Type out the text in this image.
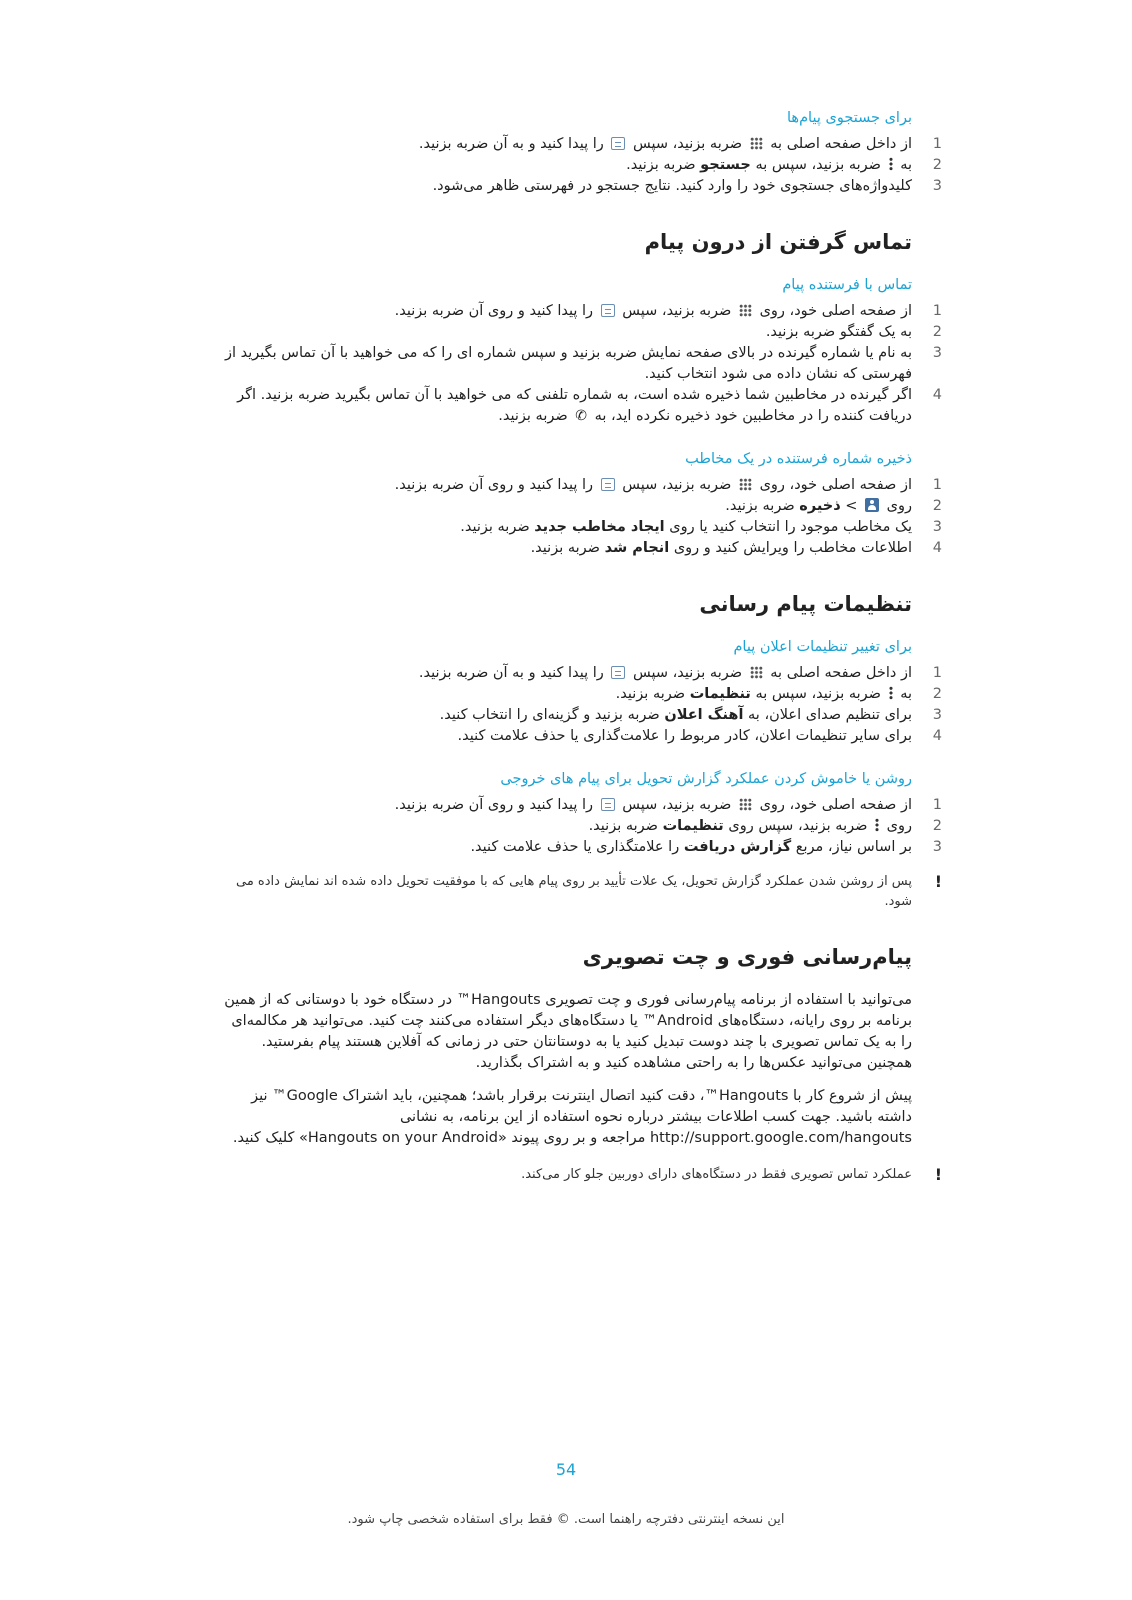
برای جستجوی پیام‌ها
1
از داخل صفحه اصلی به  ضربه بزنید، سپس  را پیدا کنید و به آن ضربه بزنید.
2
به  ضربه بزنید، سپس به جستجو ضربه بزنید.
3
کلیدواژه‌های جستجوی خود را وارد کنید. نتایج جستجو در فهرستی ظاهر می‌شود.
تماس گرفتن از درون پیام
تماس با فرستنده پیام
1
از صفحه اصلی خود، روی  ضربه بزنید، سپس  را پیدا کنید و روی آن ضربه بزنید.
2
به یک گفتگو ضربه بزنید.
3
به نام یا شماره گیرنده در بالای صفحه نمایش ضربه بزنید و سپس شماره ای را که می خواهید با آن تماس بگیرید از فهرستی که نشان داده می شود انتخاب کنید.
4
اگر گیرنده در مخاطبین شما ذخیره شده است، به شماره تلفنی که می خواهید با آن تماس بگیرید ضربه بزنید. اگر دریافت کننده را در مخاطبین خود ذخیره نکرده اید، به ✆ ضربه بزنید.
ذخیره شماره فرستنده در یک مخاطب
1
از صفحه اصلی خود، روی  ضربه بزنید، سپس  را پیدا کنید و روی آن ضربه بزنید.
2
روی  > ذخیره ضربه بزنید.
3
یک مخاطب موجود را انتخاب کنید یا روی ایجاد مخاطب جدید ضربه بزنید.
4
اطلاعات مخاطب را ویرایش کنید و روی انجام شد ضربه بزنید.
تنظیمات پیام رسانی
برای تغییر تنظیمات اعلان پیام
1
از داخل صفحه اصلی به  ضربه بزنید، سپس  را پیدا کنید و به آن ضربه بزنید.
2
به  ضربه بزنید، سپس به تنظیمات ضربه بزنید.
3
برای تنظیم صدای اعلان، به آهنگ اعلان ضربه بزنید و گزینه‌ای را انتخاب کنید.
4
برای سایر تنظیمات اعلان، کادر مربوط را علامت‌گذاری یا حذف علامت کنید.
روشن یا خاموش کردن عملکرد گزارش تحویل برای پیام های خروجی
1
از صفحه اصلی خود، روی  ضربه بزنید، سپس  را پیدا کنید و روی آن ضربه بزنید.
2
روی  ضربه بزنید، سپس روی تنظیمات ضربه بزنید.
3
بر اساس نیاز، مربع گزارش دریافت را علامتگذاری یا حذف علامت کنید.
!
پس از روشن شدن عملکرد گزارش تحویل، یک علات تأیید بر روی پیام هایی که با موفقیت تحویل داده شده اند نمایش داده می شود.
پیام‌رسانی فوری و چت تصویری

می‌توانید با استفاده از برنامه پیام‌رسانی فوری و چت تصویری Hangouts™ در دستگاه خود با دوستانی که از همین برنامه بر روی رایانه، دستگاه‌های Android™ یا دستگاه‌های دیگر استفاده می‌کنند چت کنید. می‌توانید هر مکالمه‌ای را به یک تماس تصویری با چند دوست تبدیل کنید یا به دوستانتان حتی در زمانی که آفلاین هستند پیام بفرستید. همچنین می‌توانید عکس‌ها را به راحتی مشاهده کنید و به اشتراک بگذارید.

پیش از شروع کار با Hangouts™، دقت کنید اتصال اینترنت برقرار باشد؛ همچنین، باید اشتراک Google™ نیز داشته باشید. جهت کسب اطلاعات بیشتر درباره نحوه استفاده از این برنامه، به نشانی http://support.google.com/hangouts مراجعه و بر روی پیوند «Hangouts on your Android» کلیک کنید.

!
عملکرد تماس تصویری فقط در دستگاه‌های دارای دوربین جلو کار می‌کند.
54
این نسخه اینترنتی دفترچه راهنما است. © فقط برای استفاده شخصی چاپ شود.
